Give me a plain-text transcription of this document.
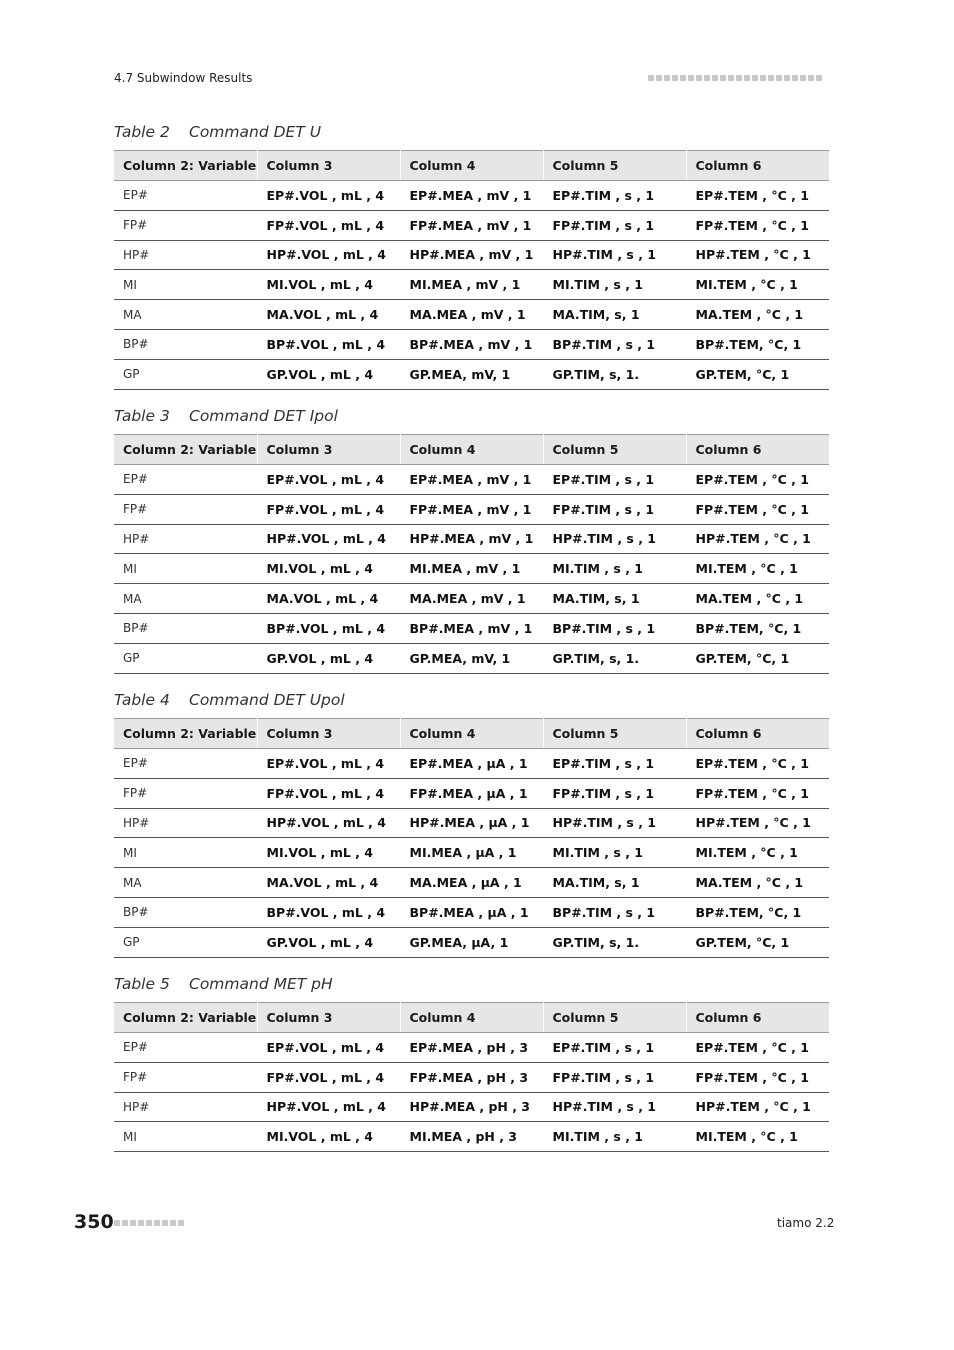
4.7 Subwindow Results
Table 2 Command DET U
Column 2: Variable	Column 3	Column 4	Column 5	Column 6
EP#	EP#.VOL , mL , 4	EP#.MEA , mV , 1	EP#.TIM , s , 1	EP#.TEM , °C , 1
FP#	FP#.VOL , mL , 4	FP#.MEA , mV , 1	FP#.TIM , s , 1	FP#.TEM , °C , 1
HP#	HP#.VOL , mL , 4	HP#.MEA , mV , 1	HP#.TIM , s , 1	HP#.TEM , °C , 1
MI	MI.VOL , mL , 4	MI.MEA , mV , 1	MI.TIM , s , 1	MI.TEM , °C , 1
MA	MA.VOL , mL , 4	MA.MEA , mV , 1	MA.TIM, s, 1	MA.TEM , °C , 1
BP#	BP#.VOL , mL , 4	BP#.MEA , mV , 1	BP#.TIM , s , 1	BP#.TEM, °C, 1
GP	GP.VOL , mL , 4	GP.MEA, mV, 1	GP.TIM, s, 1.	GP.TEM, °C, 1
Table 3 Command DET Ipol
Column 2: Variable	Column 3	Column 4	Column 5	Column 6
EP#	EP#.VOL , mL , 4	EP#.MEA , mV , 1	EP#.TIM , s , 1	EP#.TEM , °C , 1
FP#	FP#.VOL , mL , 4	FP#.MEA , mV , 1	FP#.TIM , s , 1	FP#.TEM , °C , 1
HP#	HP#.VOL , mL , 4	HP#.MEA , mV , 1	HP#.TIM , s , 1	HP#.TEM , °C , 1
MI	MI.VOL , mL , 4	MI.MEA , mV , 1	MI.TIM , s , 1	MI.TEM , °C , 1
MA	MA.VOL , mL , 4	MA.MEA , mV , 1	MA.TIM, s, 1	MA.TEM , °C , 1
BP#	BP#.VOL , mL , 4	BP#.MEA , mV , 1	BP#.TIM , s , 1	BP#.TEM, °C, 1
GP	GP.VOL , mL , 4	GP.MEA, mV, 1	GP.TIM, s, 1.	GP.TEM, °C, 1
Table 4 Command DET Upol
Column 2: Variable	Column 3	Column 4	Column 5	Column 6
EP#	EP#.VOL , mL , 4	EP#.MEA , µA , 1	EP#.TIM , s , 1	EP#.TEM , °C , 1
FP#	FP#.VOL , mL , 4	FP#.MEA , µA , 1	FP#.TIM , s , 1	FP#.TEM , °C , 1
HP#	HP#.VOL , mL , 4	HP#.MEA , µA , 1	HP#.TIM , s , 1	HP#.TEM , °C , 1
MI	MI.VOL , mL , 4	MI.MEA , µA , 1	MI.TIM , s , 1	MI.TEM , °C , 1
MA	MA.VOL , mL , 4	MA.MEA , µA , 1	MA.TIM, s, 1	MA.TEM , °C , 1
BP#	BP#.VOL , mL , 4	BP#.MEA , µA , 1	BP#.TIM , s , 1	BP#.TEM, °C, 1
GP	GP.VOL , mL , 4	GP.MEA, µA, 1	GP.TIM, s, 1.	GP.TEM, °C, 1
Table 5 Command MET pH
Column 2: Variable	Column 3	Column 4	Column 5	Column 6
EP#	EP#.VOL , mL , 4	EP#.MEA , pH , 3	EP#.TIM , s , 1	EP#.TEM , °C , 1
FP#	FP#.VOL , mL , 4	FP#.MEA , pH , 3	FP#.TIM , s , 1	FP#.TEM , °C , 1
HP#	HP#.VOL , mL , 4	HP#.MEA , pH , 3	HP#.TIM , s , 1	HP#.TEM , °C , 1
MI	MI.VOL , mL , 4	MI.MEA , pH , 3	MI.TIM , s , 1	MI.TEM , °C , 1
350	tiamo 2.2
